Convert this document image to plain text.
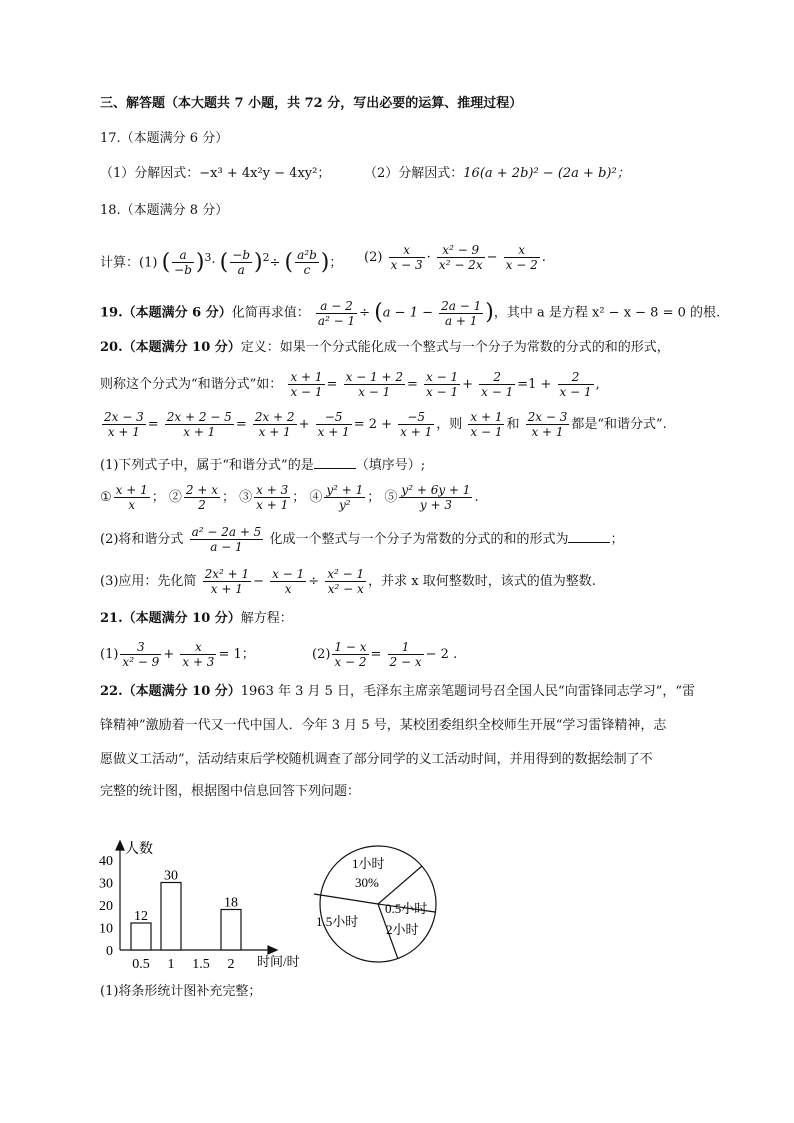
三、解答题（本大题共 7 小题，共 72 分，写出必要的运算、推理过程）
17.（本题满分 6 分）
（1）分解因式：−x³ + 4x²y − 4xy²；	（2）分解因式：16(a + 2b)² − (2a + b)²；
18.（本题满分 8 分）
计算：(1) ( $\frac{a}{-b} )^3\cdot$ ( $\frac{-b}{a} )^2\div$ ( $\frac{\text{a²b}}{c}$ )； $(2) \frac{x}{x - 3} \cdot \frac{\text{x² − 9}}{\text{x² − 2x}} - \frac{x}{x - 2}$ .
19.（本题满分 6 分）化简再求值： $\frac{a - 2}{\text{a² − 1}} \div (a - 1 - \frac{2a - 1}{a + 1}$ )，其中 a 是方程 x² − x − 8 = 0 的根.
20.（本题满分 10 分）定义：如果一个分式能化成一个整式与一个分子为常数的分式的和的形式，
则称这个分式为“和谐分式”如： $\frac{x + 1}{x - 1} = \frac{x - 1 + 2}{x - 1} = \frac{x - 1}{x - 1} + \frac{2}{x - 1} =1 + \frac{2}{x - 1}$ ,
$\frac{2x - 3}{x + 1} = \frac{2x + 2 - 5}{x + 1} = \frac{2x + 2}{x + 1} + \frac{-5}{x + 1} = 2 + \frac{-5}{x + 1}$ ，则 $\frac{x + 1}{x - 1}$ 和 $\frac{2x - 3}{x + 1}$ 都是“和谐分式”.
(1)下列式子中，属于“和谐分式”的是	（填序号）;
① $\frac{x + 1}{x}$ ； ② $\frac{2 + x}{2}$ ； ③ $\frac{x + 3}{x + 1}$ ； ④ $\frac{\text{y² + 1}}{\text{y²}}$ ； ⑤ $\frac{\text{y² + 6y + 1}}{y + 3}$ .
(2)将和谐分式 $\frac{\text{a² − 2a + 5}}{a - 1}$ 化成一个整式与一个分子为常数的分式的和的形式为	；
(3)应用：先化简 $\frac{\text{2x² + 1}}{x + 1} - \frac{x - 1}{x} \div \frac{\text{x² − 1}}{\text{x² − x}}$ ，并求 x 取何整数时，该式的值为整数.
21.（本题满分 10 分）解方程：
$(1) \frac{3}{\text{x² − 9}} + \frac{x}{x + 3} = 1$；	$(2) \frac{1 - x}{x - 2} = \frac{1}{2 - x} - 2$ .
22.（本题满分 10 分）1963 年 3 月 5 日，毛泽东主席亲笔题词号召全国人民“向雷锋同志学习”，“雷
锋精神”激励着一代又一代中国人．今年 3 月 5 号，某校团委组织全校师生开展“学习雷锋精神，志
愿做义工活动”，活动结束后学校随机调查了部分同学的义工活动时间，并用得到的数据绘制了不
完整的统计图，根据图中信息回答下列问题：
0
10
20
30
40
0.5
12
1
30
1.5 2
18
人数
时间/时
1小时
30%
0.5小时
2小时
1.5小时
(1)将条形统计图补充完整；
